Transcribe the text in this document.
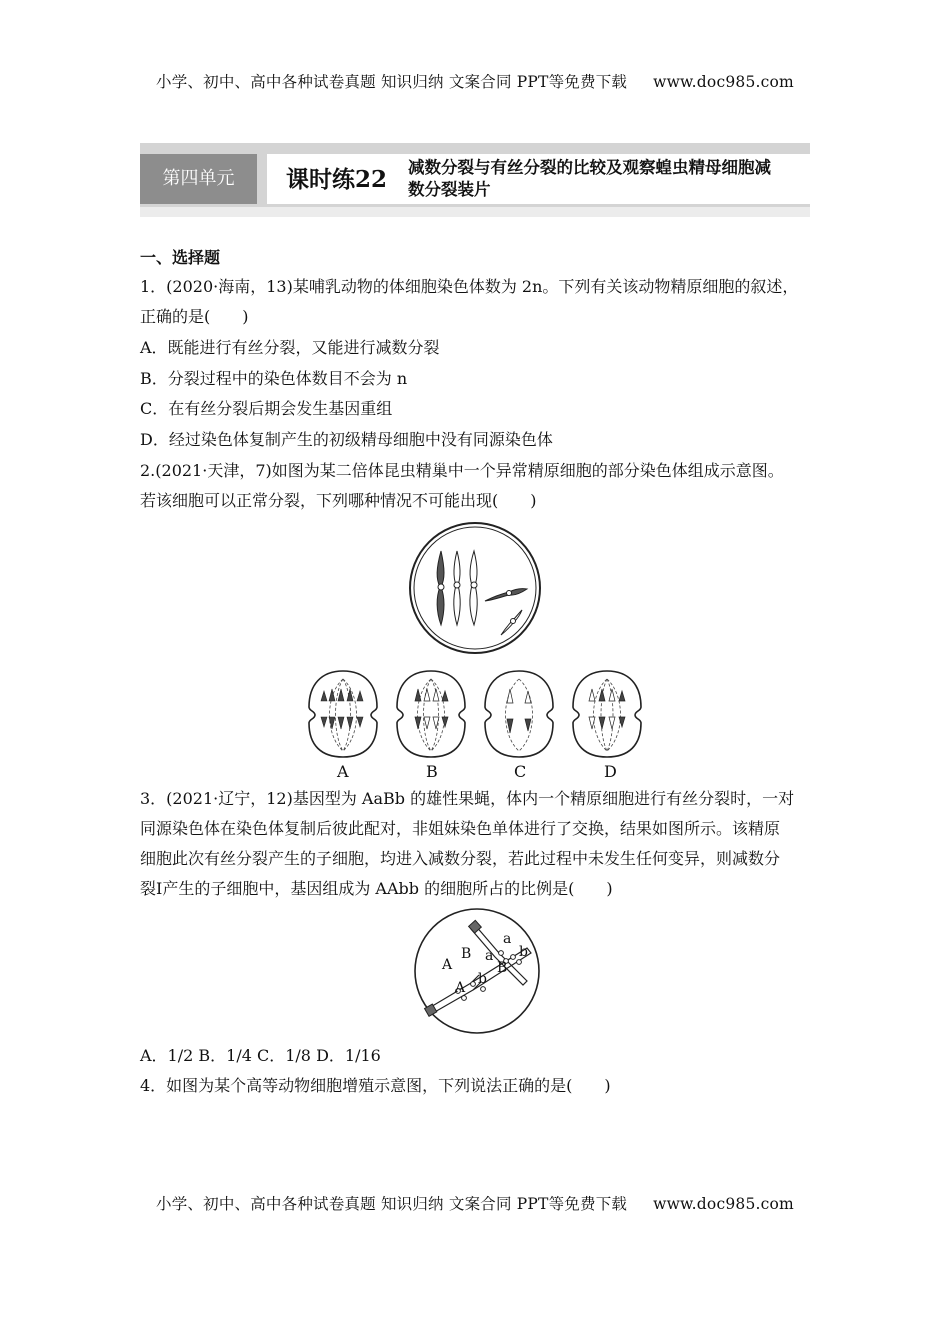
小学、初中、高中各种试卷真题 知识归纳 文案合同 PPT等免费下载 www.doc985.com
第四单元	课时练22 减数分裂与有丝分裂的比较及观察蝗虫精母细胞减
数分裂装片
一、选择题
1．(2020·海南，13)某哺乳动物的体细胞染色体数为 2n。下列有关该动物精原细胞的叙述，
正确的是(　　)
A．既能进行有丝分裂，又能进行减数分裂
B．分裂过程中的染色体数目不会为 n
C．在有丝分裂后期会发生基因重组
D．经过染色体复制产生的初级精母细胞中没有同源染色体
2.(2021·天津，7)如图为某二倍体昆虫精巢中一个异常精原细胞的部分染色体组成示意图。
若该细胞可以正常分裂，下列哪种情况不可能出现(　　)
A	B	C	D
3．(2021·辽宁，12)基因型为 AaBb 的雄性果蝇，体内一个精原细胞进行有丝分裂时，一对
同源染色体在染色体复制后彼此配对，非姐妹染色单体进行了交换，结果如图所示。该精原
细胞此次有丝分裂产生的子细胞，均进入减数分裂，若此过程中未发生任何变异，则减数分
裂Ⅰ产生的子细胞中，基因组成为 AAbb 的细胞所占的比例是(　　)
A
A
B
B
a
a b
b
A．1/2 B．1/4 C．1/8 D．1/16
4．如图为某个高等动物细胞增殖示意图，下列说法正确的是(　　)
小学、初中、高中各种试卷真题 知识归纳 文案合同 PPT等免费下载 www.doc985.com
